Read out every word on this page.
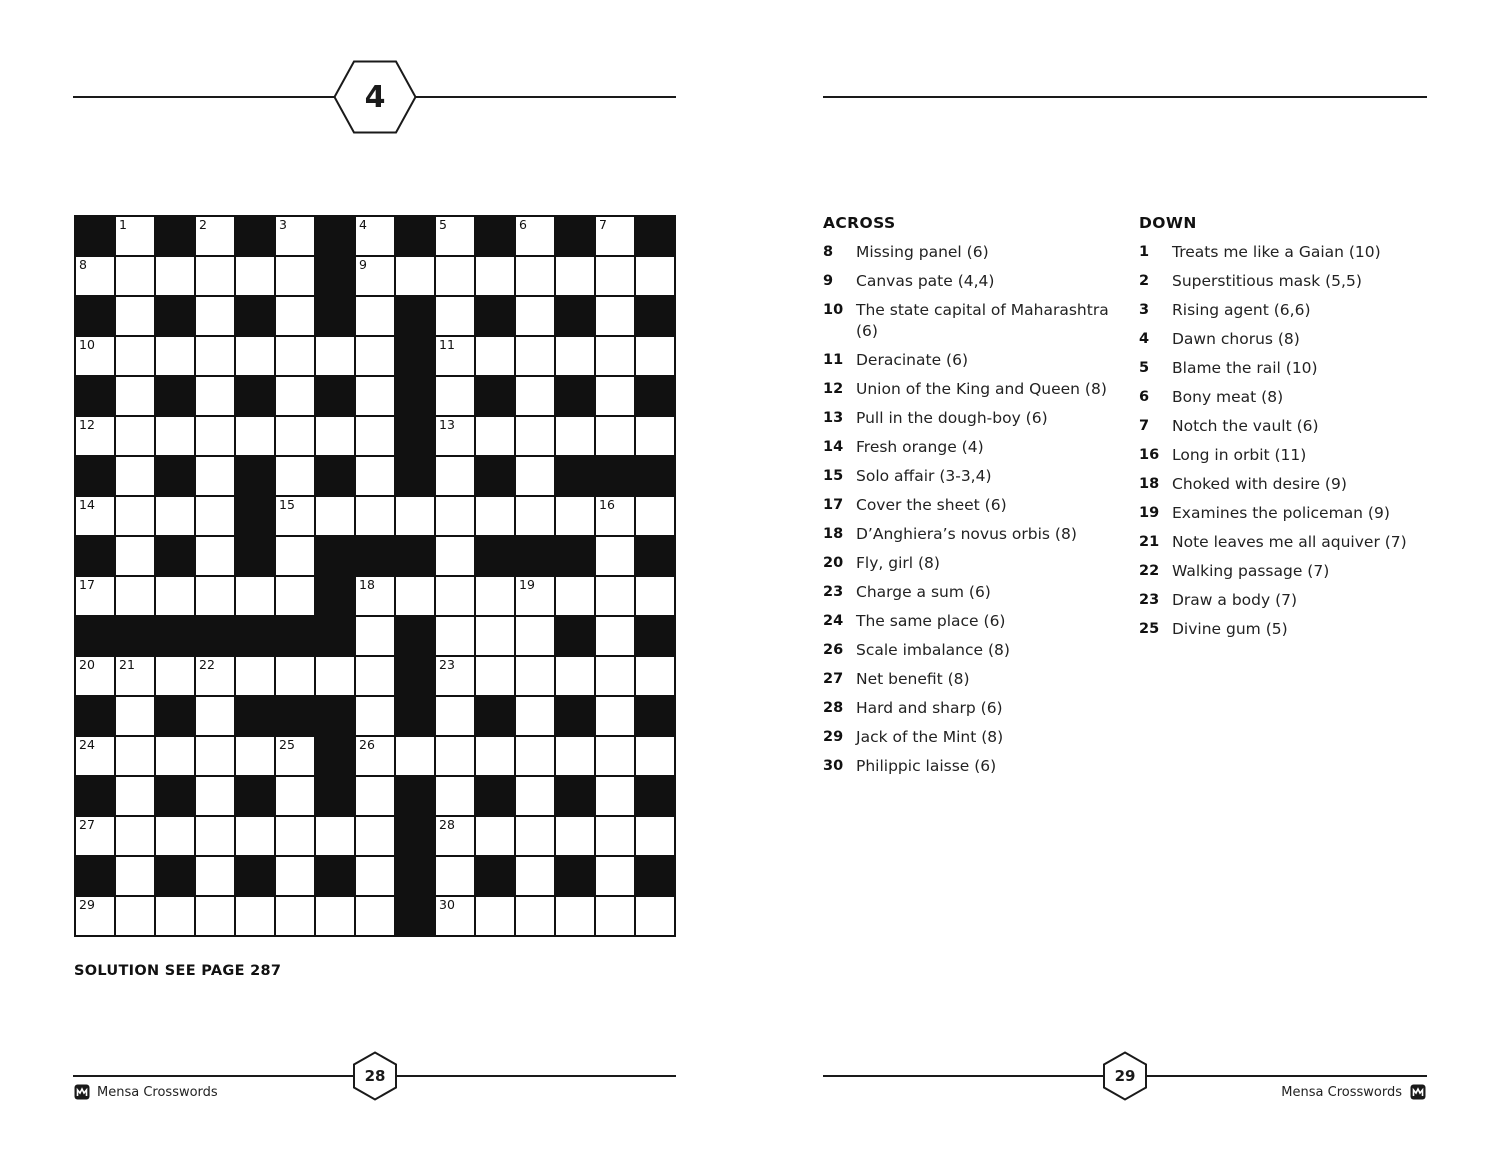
4
1	2	3	4	5	6	7
8	9
10	11
12	13
14	15	16
17	18	19
20 21	22	23
24	25	26
27	28
29	30
SOLUTION SEE PAGE 287
ACROSS
8 Missing panel (6)
9 Canvas pate (4,4)
10 The state capital of Maharashtra (6)
11 Deracinate (6)
12 Union of the King and Queen (8)
13 Pull in the dough-boy (6)
14 Fresh orange (4)
15 Solo affair (3-3,4)
17 Cover the sheet (6)
18 D’Anghiera’s novus orbis (8)
20 Fly, girl (8)
23 Charge a sum (6)
24 The same place (6)
26 Scale imbalance (8)
27 Net benefit (8)
28 Hard and sharp (6)
29 Jack of the Mint (8)
30 Philippic laisse (6)
DOWN
1 Treats me like a Gaian (10)
2 Superstitious mask (5,5)
3 Rising agent (6,6)
4 Dawn chorus (8)
5 Blame the rail (10)
6 Bony meat (8)
7 Notch the vault (6)
16 Long in orbit (11)
18 Choked with desire (9)
19 Examines the policeman (9)
21 Note leaves me all aquiver (7)
22 Walking passage (7)
23 Draw a body (7)
25 Divine gum (5)
28	29
Mensa Crosswords	Mensa Crosswords
